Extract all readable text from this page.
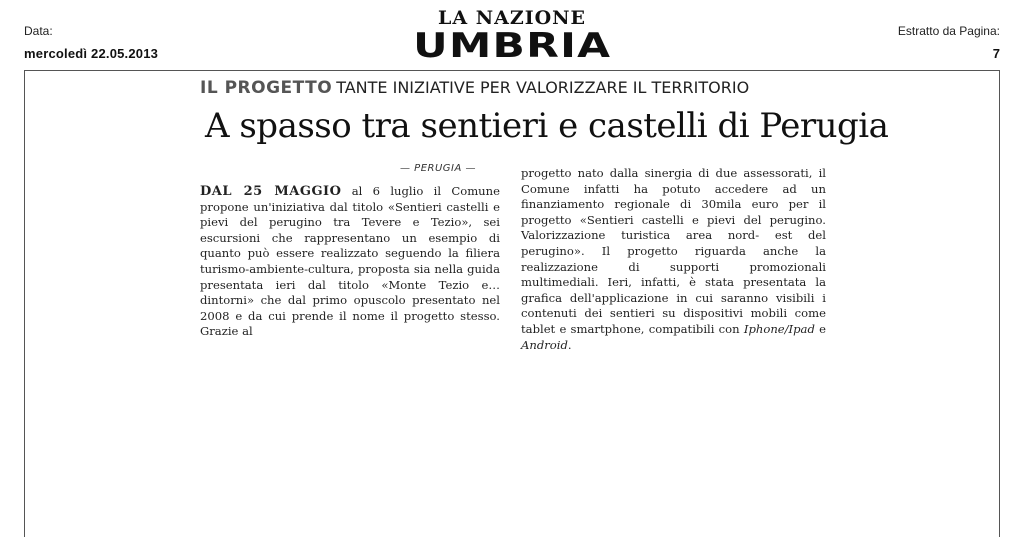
Data:
mercoledì 22.05.2013
LA NAZIONE
UMBRIA	Estratto da Pagina:
7
IL PROGETTO TANTE INIZIATIVE PER VALORIZZARE IL TERRITORIO
A spasso tra sentieri e castelli di Perugia
— PERUGIA —
DAL 25 MAGGIO al 6 luglio il Comune propone un'iniziativa dal titolo «Sentieri castelli e pievi del perugino tra Tevere e Tezio», sei escursioni che rappresentano un esempio di quanto può essere realizzato seguendo la filiera turismo-ambiente-cultura, proposta sia nella guida presentata ieri dal titolo «Monte Tezio e…dintorni» che dal primo opuscolo presentato nel 2008 e da cui prende il nome il progetto stesso. Grazie al
progetto nato dalla sinergia di due assessorati, il Comune infatti ha potuto accedere ad un finanziamento regionale di 30mila euro per il progetto «Sentieri castelli e pievi del perugino. Valorizzazione turistica area nord- est del perugino». Il progetto riguarda anche la realizzazione di supporti promozionali multimediali. Ieri, infatti, è stata presentata la grafica dell'applicazione in cui saranno visibili i contenuti dei sentieri su dispositivi mobili come tablet e smartphone, compatibili con Iphone/Ipad e Android.
